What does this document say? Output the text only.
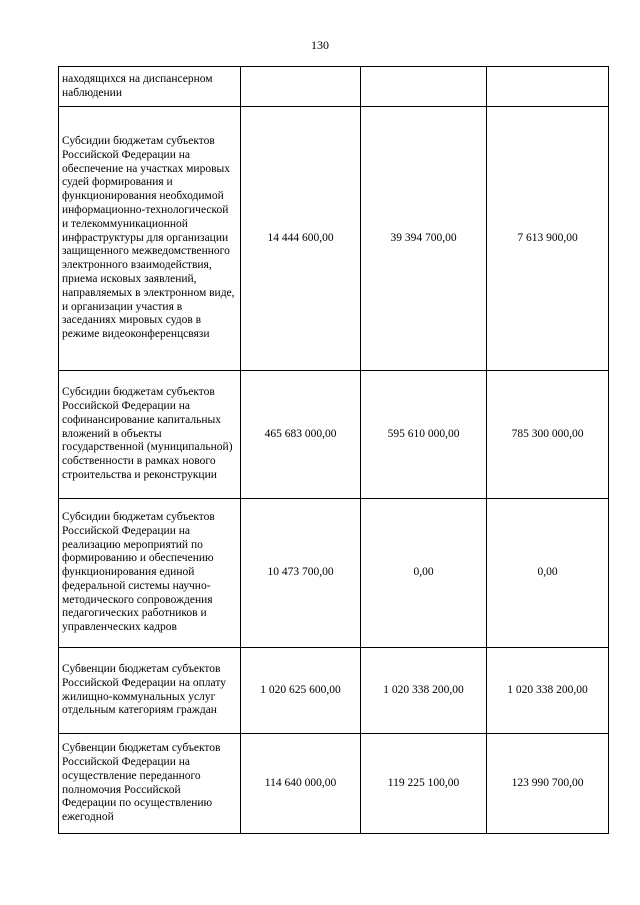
130
находящихся на диспансерном наблюдении			
Субсидии бюджетам субъектов Российской Федерации на обеспечение на участках мировых судей формирования и функционирования необходимой информационно-технологической и телекоммуникационной инфраструктуры для организации защищенного межведомственного электронного взаимодействия, приема исковых заявлений, направляемых в электронном виде, и организации участия в заседаниях мировых судов в режиме видеоконференцсвязи	14 444 600,00	39 394 700,00	7 613 900,00
Субсидии бюджетам субъектов Российской Федерации на софинансирование капитальных вложений в объекты государственной (муниципальной) собственности в рамках нового строительства и реконструкции	465 683 000,00	595 610 000,00	785 300 000,00
Субсидии бюджетам субъектов Российской Федерации на реализацию мероприятий по формированию и обеспечению функционирования единой федеральной системы научно-методического сопровождения педагогических работников и управленческих кадров	10 473 700,00	0,00	0,00
Субвенции бюджетам субъектов Российской Федерации на оплату жилищно-коммунальных услуг отдельным категориям граждан	1 020 625 600,00	1 020 338 200,00	1 020 338 200,00
Субвенции бюджетам субъектов Российской Федерации на осуществление переданного полномочия Российской Федерации по осуществлению ежегодной	114 640 000,00	119 225 100,00	123 990 700,00
